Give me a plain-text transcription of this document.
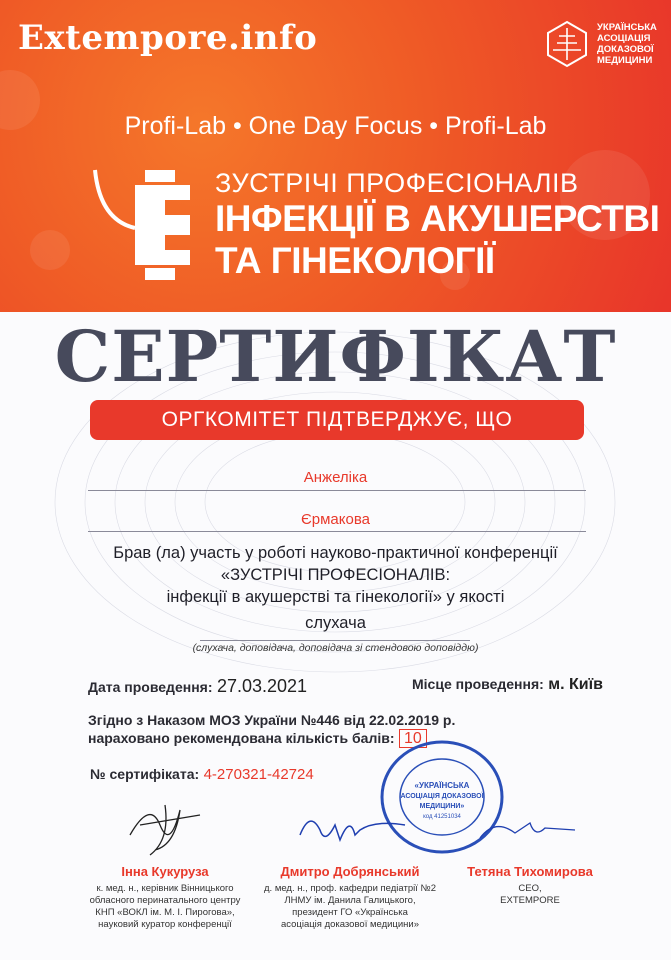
Extempore.info	УКРАЇНСЬКА
АСОЦІАЦІЯ
ДОКАЗОВОЇ
МЕДИЦИНИ
Profi-Lab • One Day Focus • Profi-Lab
ЗУСТРІЧІ ПРОФЕСІОНАЛІВ
ІНФЕКЦІЇ В АКУШЕРСТВІ
ТА ГІНЕКОЛОГІЇ
СЕРТИФІКАТ
ОРГКОМІТЕТ ПІДТВЕРДЖУЄ, ЩО
Анжеліка
Єрмакова
Брав (ла) участь у роботі науково-практичної конференції
«ЗУСТРІЧІ ПРОФЕСІОНАЛІВ:
інфекції в акушерстві та гінекології» у якості
слухача
(слухача, доповідача, доповідача зі стендовою доповіддю)
Дата проведення: 27.03.2021	Місце проведення: м. Київ
Згідно з Наказом МОЗ України №446 від 22.02.2019 р.
нараховано рекомендована кількість балів: 10
№ сертифіката: 4-270321-42724
«УКРАЇНСЬКА
АСОЦІАЦІЯ ДОКАЗОВОЇ
МЕДИЦИНИ»
код 41251034
Інна Кукуруза
к. мед. н., керівник Вінницького
обласного перинатального центру
КНП «ВОКЛ ім. М. І. Пирогова»,
науковий куратор конференції
Дмитро Добрянський
д. мед. н., проф. кафедри педіатрії №2
ЛНМУ ім. Данила Галицького,
президент ГО «Українська
асоціація доказової медицини»
Тетяна Тихомирова
CEO,
EXTEMPORE
